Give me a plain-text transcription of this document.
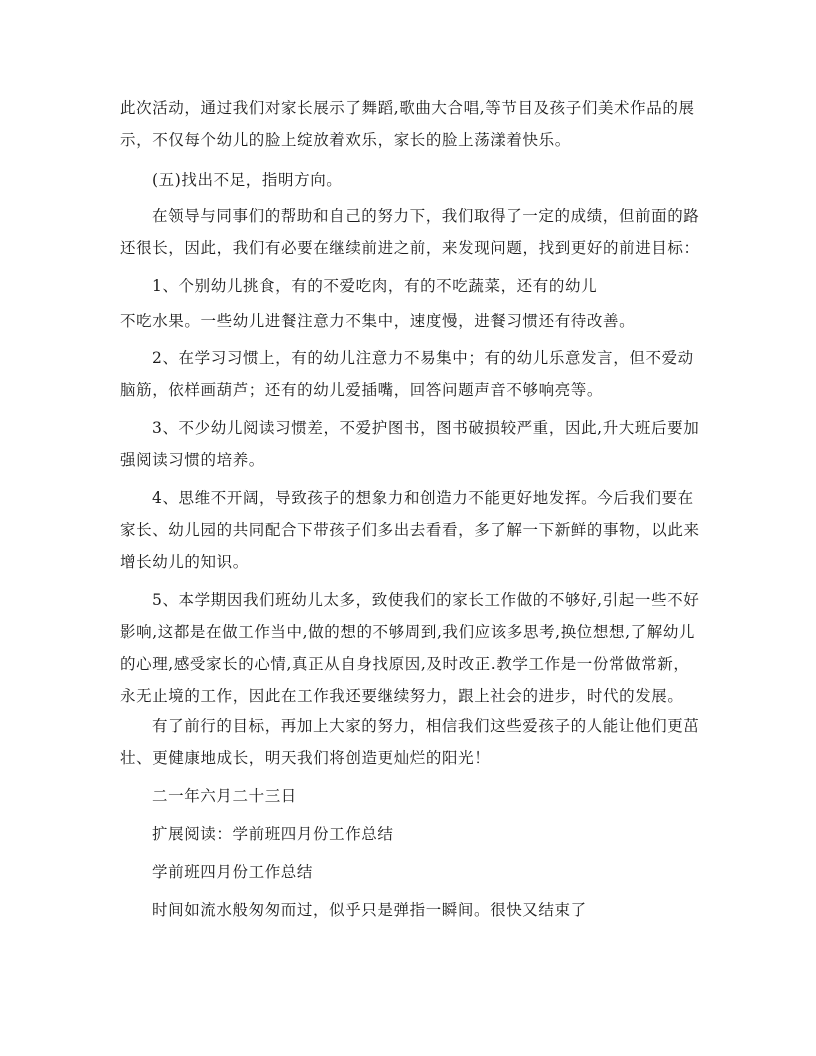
此次活动，通过我们对家长展示了舞蹈,歌曲大合唱,等节目及孩子们美术作品的展示，不仅每个幼儿的脸上绽放着欢乐，家长的脸上荡漾着快乐。

(五)找出不足，指明方向。

在领导与同事们的帮助和自己的努力下，我们取得了一定的成绩，但前面的路还很长，因此，我们有必要在继续前进之前，来发现问题，找到更好的前进目标：

1、个别幼儿挑食，有的不爱吃肉，有的不吃蔬菜，还有的幼儿

不吃水果。一些幼儿进餐注意力不集中，速度慢，进餐习惯还有待改善。

2、在学习习惯上，有的幼儿注意力不易集中；有的幼儿乐意发言，但不爱动脑筋，依样画葫芦；还有的幼儿爱插嘴，回答问题声音不够响亮等。

3、不少幼儿阅读习惯差，不爱护图书，图书破损较严重，因此,升大班后要加强阅读习惯的培养。

4、思维不开阔，导致孩子的想象力和创造力不能更好地发挥。今后我们要在家长、幼儿园的共同配合下带孩子们多出去看看，多了解一下新鲜的事物，以此来增长幼儿的知识。

5、本学期因我们班幼儿太多，致使我们的家长工作做的不够好,引起一些不好影响,这都是在做工作当中,做的想的不够周到,我们应该多思考,换位想想,了解幼儿的心理,感受家长的心情,真正从自身找原因,及时改正.教学工作是一份常做常新，永无止境的工作，因此在工作我还要继续努力，跟上社会的进步，时代的发展。

有了前行的目标，再加上大家的努力，相信我们这些爱孩子的人能让他们更茁壮、更健康地成长，明天我们将创造更灿烂的阳光！

二一年六月二十三日

扩展阅读：学前班四月份工作总结

学前班四月份工作总结

时间如流水般匆匆而过，似乎只是弹指一瞬间。很快又结束了
